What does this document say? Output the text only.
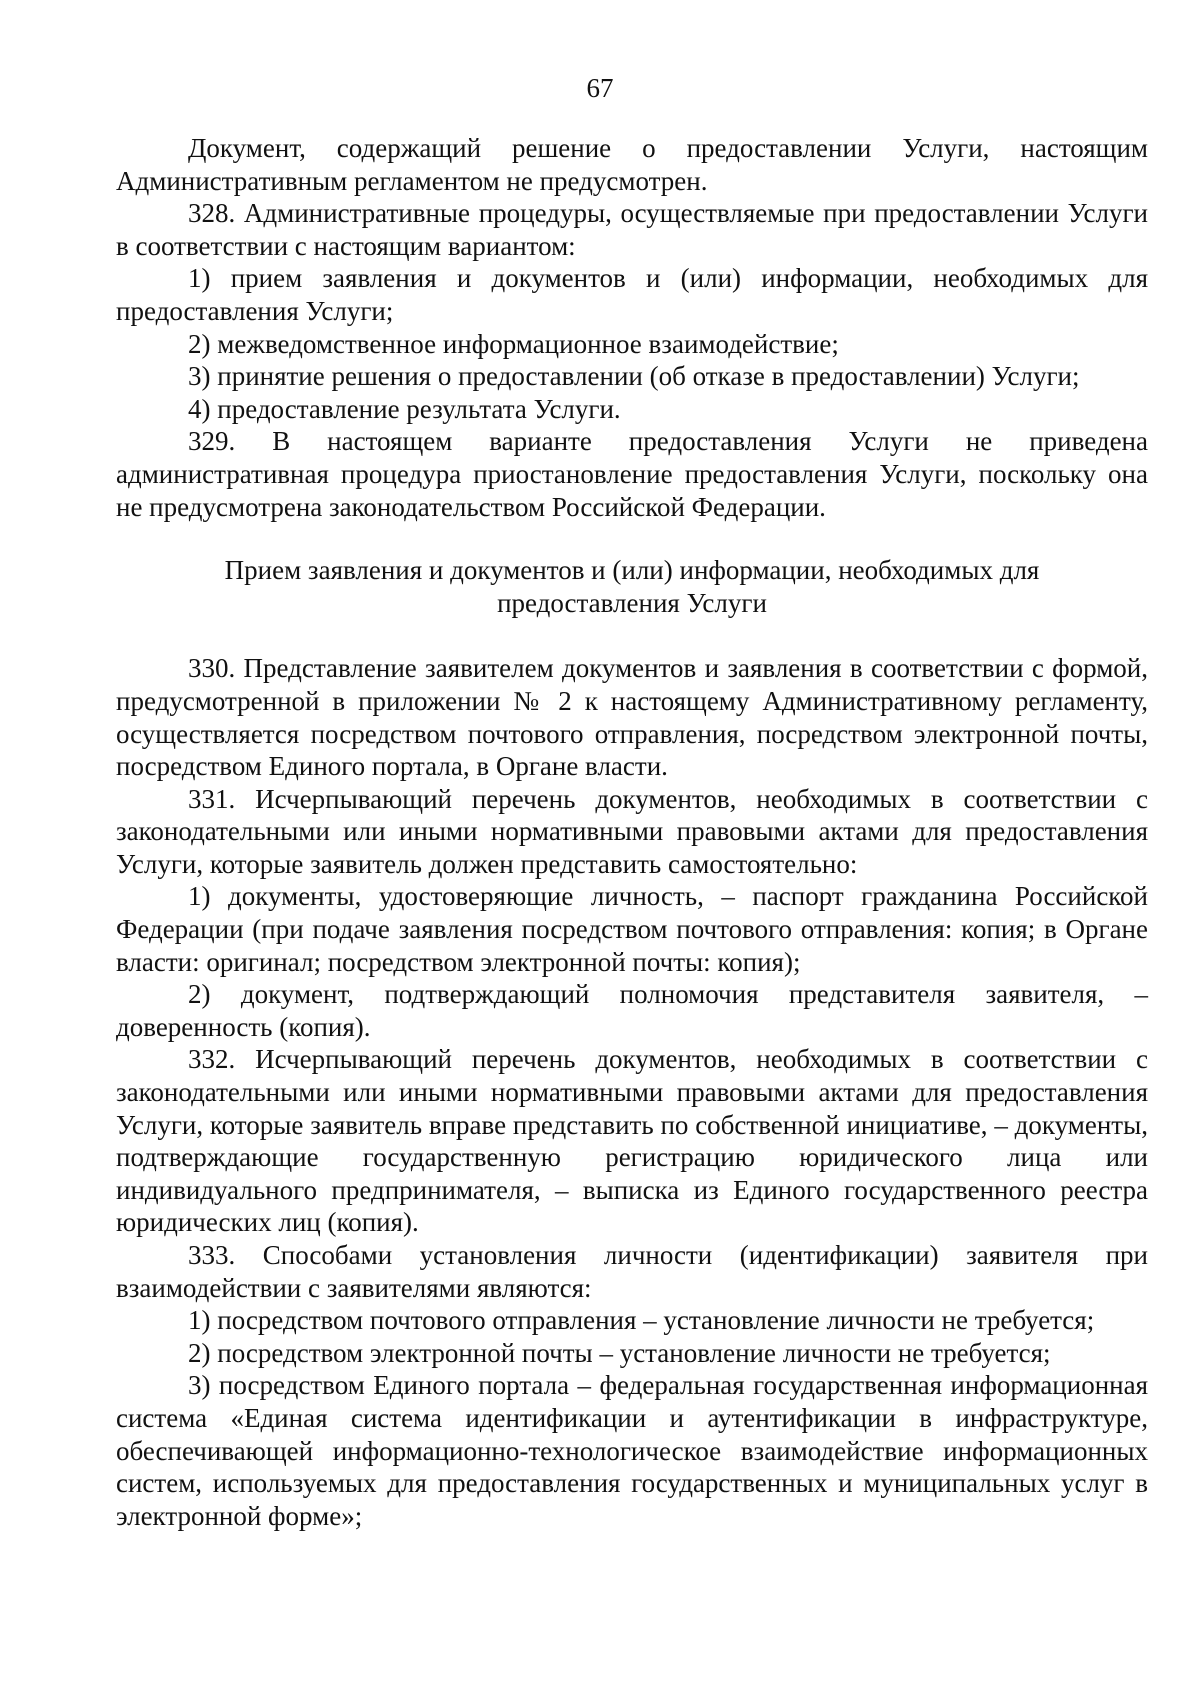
67

Документ, содержащий решение о предоставлении Услуги, настоящим Административным регламентом не предусмотрен.

328. Административные процедуры, осуществляемые при предоставлении Услуги в соответствии с настоящим вариантом:

1) прием заявления и документов и (или) информации, необходимых для предоставления Услуги;

2) межведомственное информационное взаимодействие;

3) принятие решения о предоставлении (об отказе в предоставлении) Услуги;

4) предоставление результата Услуги.

329. В настоящем варианте предоставления Услуги не приведена административная процедура приостановление предоставления Услуги, поскольку она не предусмотрена законодательством Российской Федерации.

Прием заявления и документов и (или) информации, необходимых для предоставления Услуги

330. Представление заявителем документов и заявления в соответствии с формой, предусмотренной в приложении № 2 к настоящему Административному регламенту, осуществляется посредством почтового отправления, посредством электронной почты, посредством Единого портала, в Органе власти.

331. Исчерпывающий перечень документов, необходимых в соответствии с законодательными или иными нормативными правовыми актами для предоставления Услуги, которые заявитель должен представить самостоятельно:

1) документы, удостоверяющие личность, – паспорт гражданина Российской Федерации (при подаче заявления посредством почтового отправления: копия; в Органе власти: оригинал; посредством электронной почты: копия);

2) документ, подтверждающий полномочия представителя заявителя, – доверенность (копия).

332. Исчерпывающий перечень документов, необходимых в соответствии с законодательными или иными нормативными правовыми актами для предоставления Услуги, которые заявитель вправе представить по собственной инициативе, – документы, подтверждающие государственную регистрацию юридического лица или индивидуального предпринимателя, – выписка из Единого государственного реестра юридических лиц (копия).

333. Способами установления личности (идентификации) заявителя при взаимодействии с заявителями являются:

1) посредством почтового отправления – установление личности не требуется;

2) посредством электронной почты – установление личности не требуется;

3) посредством Единого портала – федеральная государственная информационная система «Единая система идентификации и аутентификации в инфраструктуре, обеспечивающей информационно-технологическое взаимодействие информационных систем, используемых для предоставления государственных и муниципальных услуг в электронной форме»;
